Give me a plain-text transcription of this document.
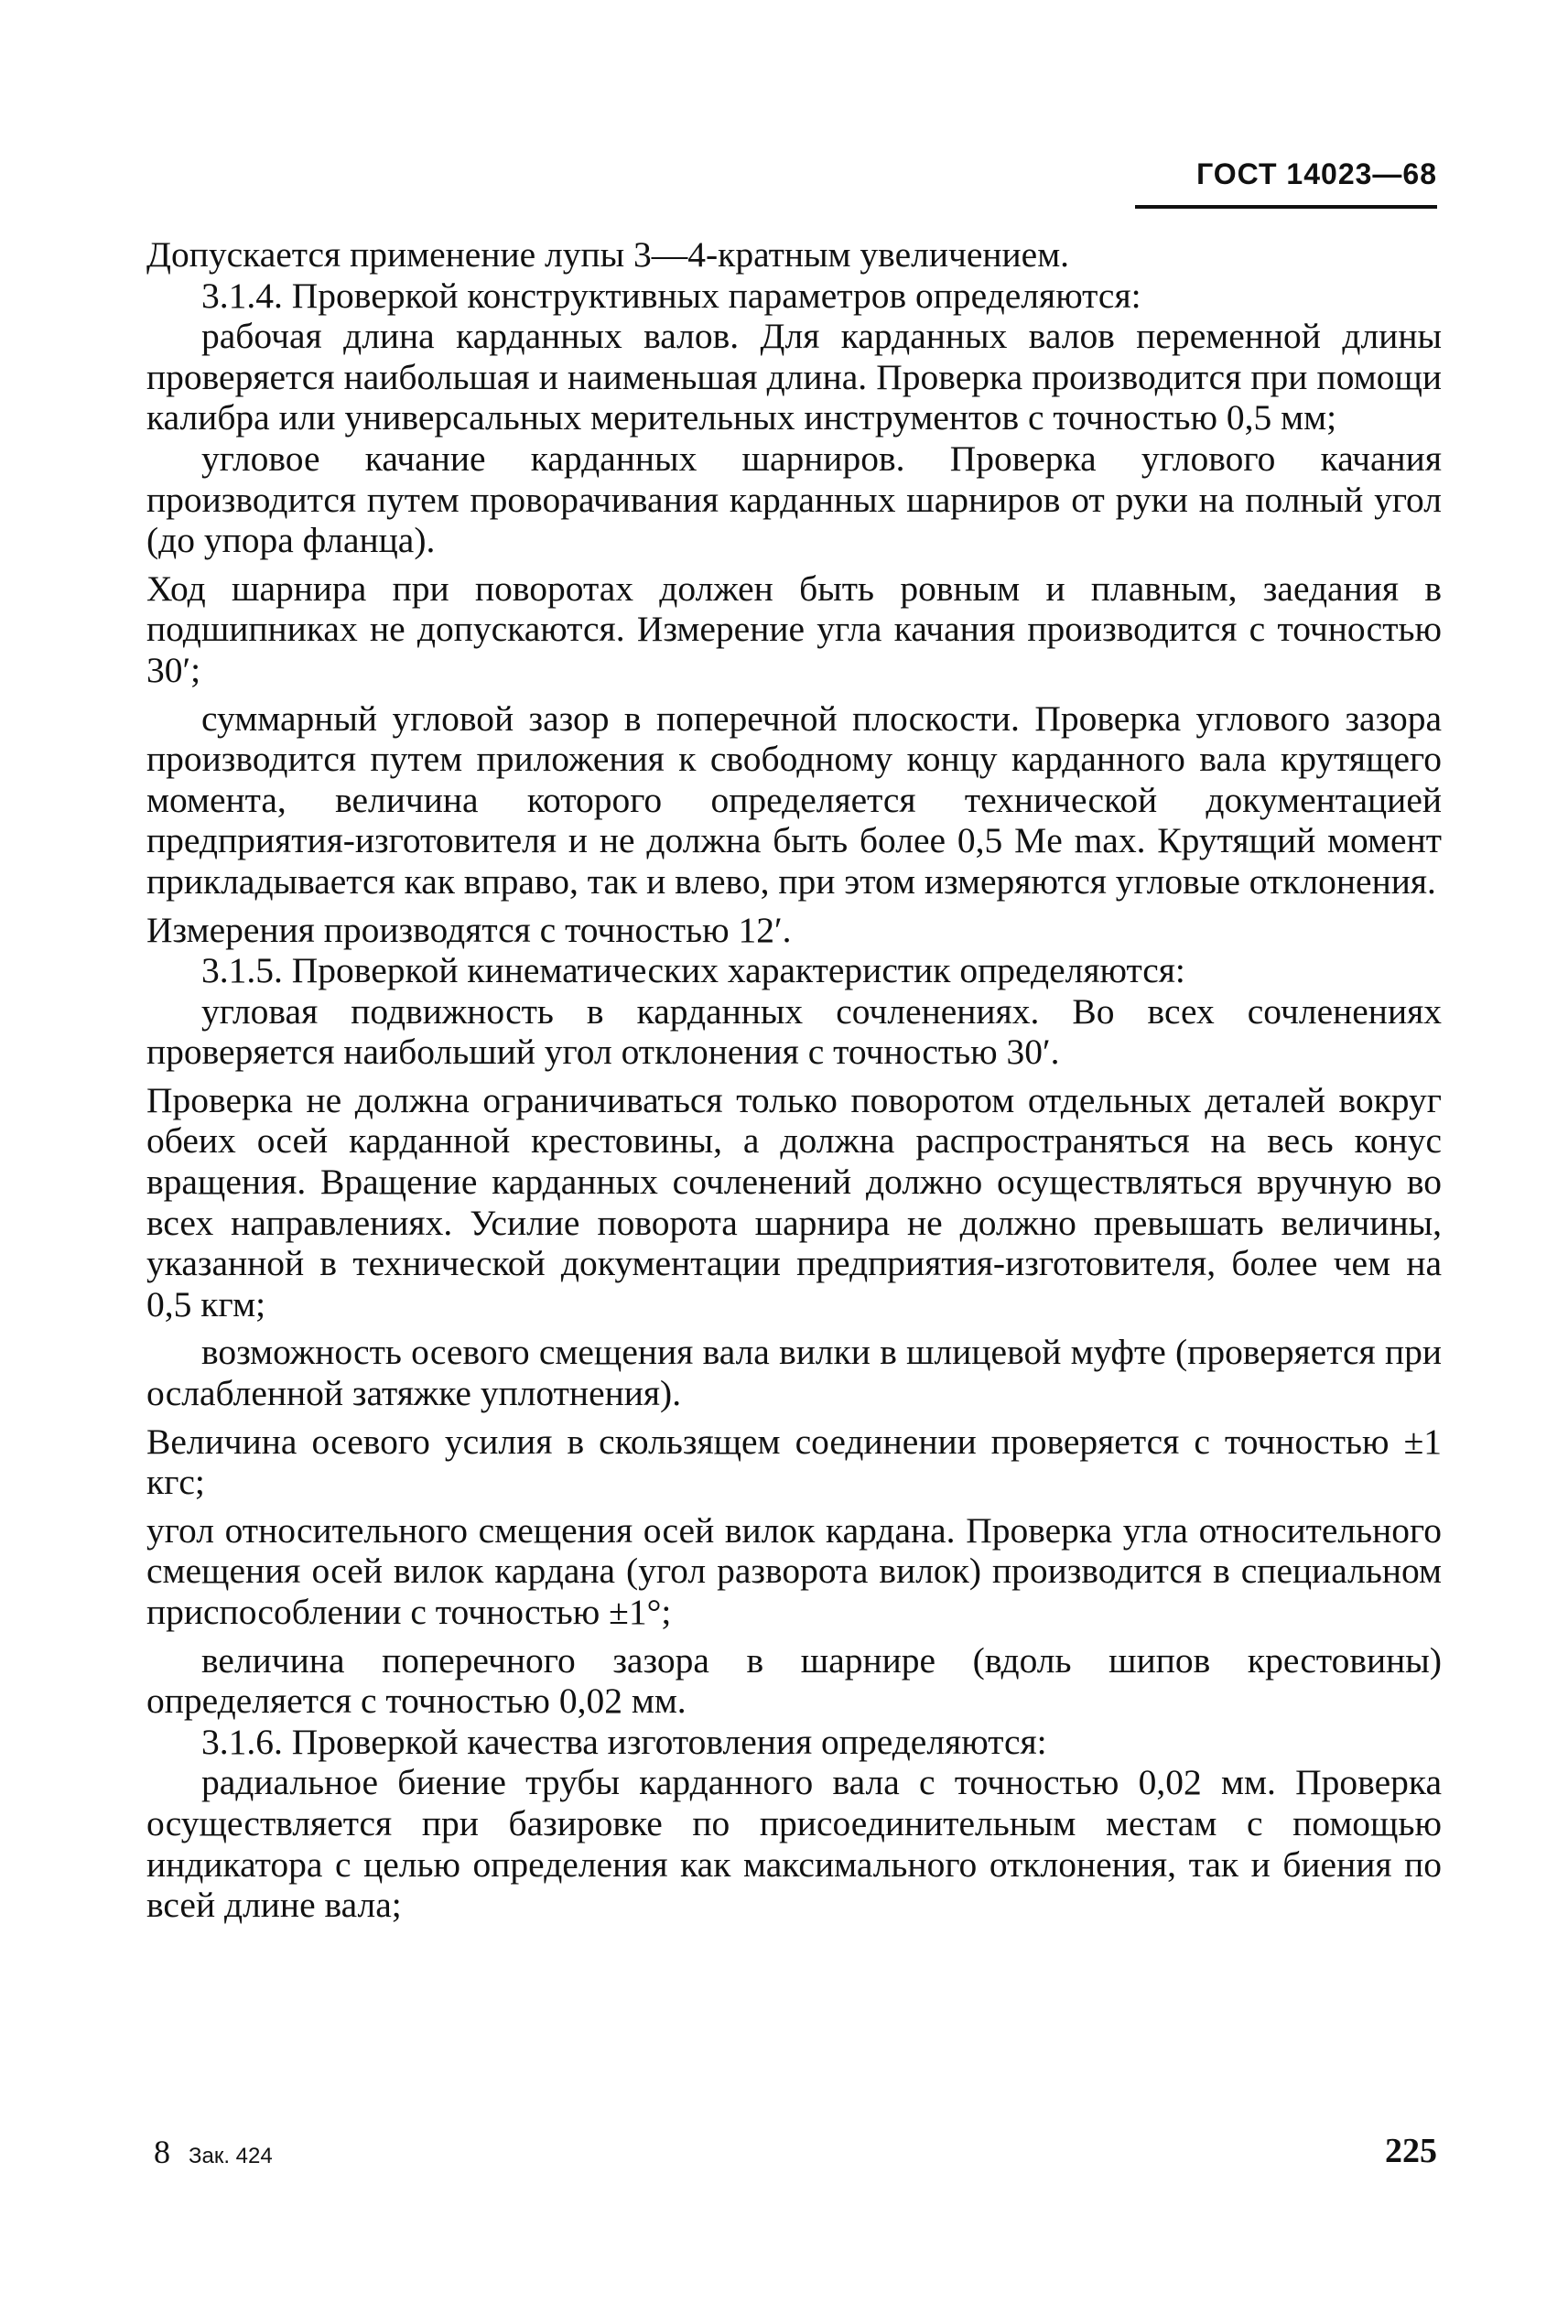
ГОСТ 14023—68

Допускается применение лупы 3—4-кратным увеличением.

3.1.4. Проверкой конструктивных параметров определяются:

рабочая длина карданных валов. Для карданных валов переменной длины проверяется наибольшая и наименьшая длина. Проверка производится при помощи калибра или универсальных мерительных инструментов с точностью 0,5 мм;

угловое качание карданных шарниров. Проверка углового качания производится путем проворачивания карданных шарниров от руки на полный угол (до упора фланца).

Ход шарнира при поворотах должен быть ровным и плавным, заедания в подшипниках не допускаются. Измерение угла качания производится с точностью 30′;

суммарный угловой зазор в поперечной плоскости. Проверка углового зазора производится путем приложения к свободному концу карданного вала крутящего момента, величина которого определяется технической документацией предприятия-изготовителя и не должна быть более 0,5 Mе max. Крутящий момент прикладывается как вправо, так и влево, при этом измеряются угловые отклонения.

Измерения производятся с точностью 12′.

3.1.5. Проверкой кинематических характеристик определяются:

угловая подвижность в карданных сочленениях. Во всех сочленениях проверяется наибольший угол отклонения с точностью 30′.

Проверка не должна ограничиваться только поворотом отдельных деталей вокруг обеих осей карданной крестовины, а должна распространяться на весь конус вращения. Вращение карданных сочленений должно осуществляться вручную во всех направлениях. Усилие поворота шарнира не должно превышать величины, указанной в технической документации предприятия-изготовителя, более чем на 0,5 кгм;

возможность осевого смещения вала вилки в шлицевой муфте (проверяется при ослабленной затяжке уплотнения).

Величина осевого усилия в скользящем соединении проверяется с точностью ±1 кгс;

угол относительного смещения осей вилок кардана. Проверка угла относительного смещения осей вилок кардана (угол разворота вилок) производится в специальном приспособлении с точностью ±1°;

величина поперечного зазора в шарнире (вдоль шипов крестовины) определяется с точностью 0,02 мм.

3.1.6. Проверкой качества изготовления определяются:

радиальное биение трубы карданного вала с точностью 0,02 мм. Проверка осуществляется при базировке по присоединительным местам с помощью индикатора с целью определения как максимального отклонения, так и биения по всей длине вала;

8 Зак. 424	225
